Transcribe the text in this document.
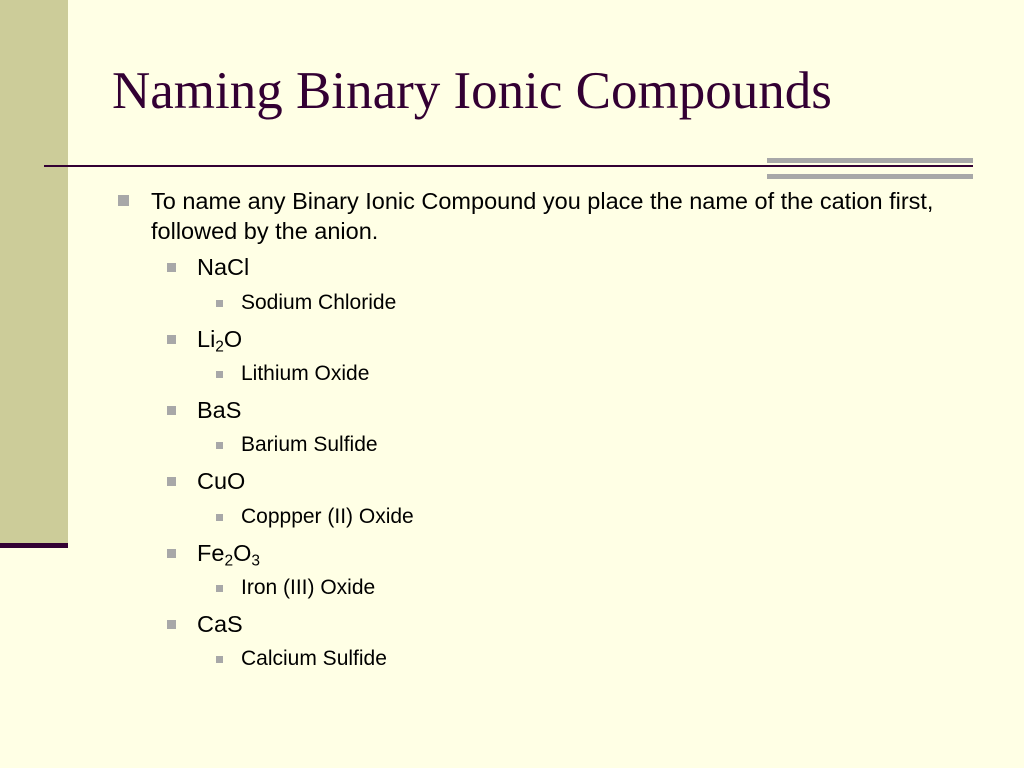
Naming Binary Ionic Compounds
To name any Binary Ionic Compound you place the name of the cation first, followed by the anion.
NaCl
Sodium Chloride
$Li_2O$
Lithium Oxide
BaS
Barium Sulfide
CuO
Coppper (II) Oxide
$Fe_2O_3$
Iron (III) Oxide
CaS
Calcium Sulfide
